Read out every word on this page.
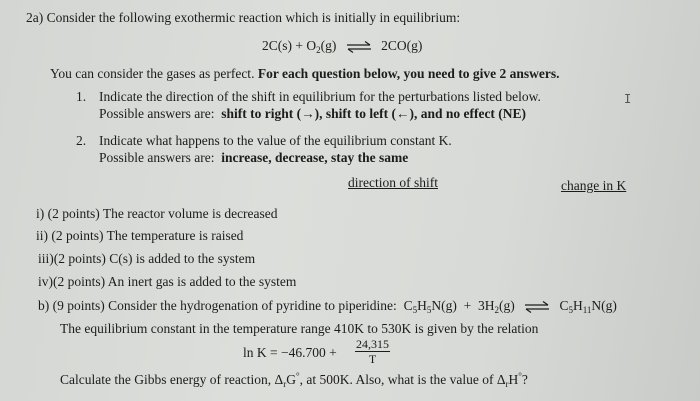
2a) Consider the following exothermic reaction which is initially in equilibrium:
$2C(s) + O_2(g)$ ⇌ 2CO(g)
You can consider the gases as perfect. For each question below, you need to give 2 answers.
1. Indicate the direction of the shift in equilibrium for the perturbations listed below.
Possible answers are: shift to right (→), shift to left (←), and no effect (NE)
I
2. Indicate what happens to the value of the equilibrium constant K.
Possible answers are: increase, decrease, stay the same
direction of shift	change in K
i) (2 points) The reactor volume is decreased
ii) (2 points) The temperature is raised
iii)(2 points) C(s) is added to the system
iv)(2 points) An inert gas is added to the system
b) (9 points) Consider the hydrogenation of pyridine to piperidine: $C_5H_5N(g) + 3H_2(g)$ ⇌ $C_5H_{11}N(g)$
The equilibrium constant in the temperature range 410K to 530K is given by the relation
$\ln K = -46.700 + \frac{24,315}{T}$
Calculate the Gibbs energy of reaction, $\Delta_rG^\circ$, at 500K. Also, what is the value of $\Delta_rH^\circ$?
